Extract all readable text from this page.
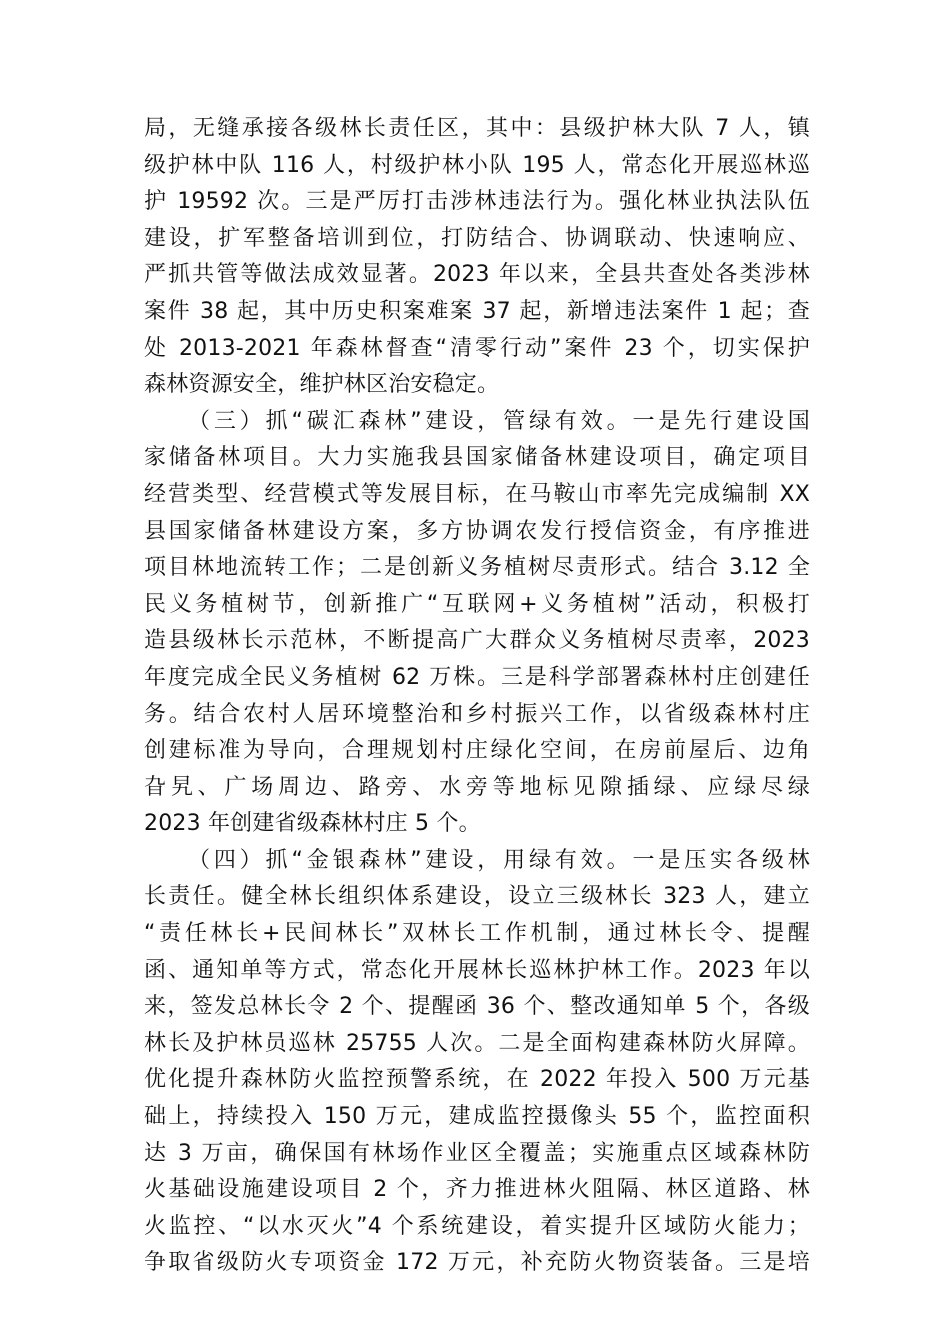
局，无缝承接各级林长责任区，其中：县级护林大队 7 人，镇
级护林中队 116 人，村级护林小队 195 人，常态化开展巡林巡
护 19592 次。三是严厉打击涉林违法行为。强化林业执法队伍
建设，扩军整备培训到位，打防结合、协调联动、快速响应、
严抓共管等做法成效显著。2023 年以来，全县共查处各类涉林
案件 38 起，其中历史积案难案 37 起，新增违法案件 1 起；查
处 2013-2021 年森林督查“清零行动”案件 23 个，切实保护
森林资源安全，维护林区治安稳定。
（三）抓“碳汇森林”建设，管绿有效。一是先行建设国
家储备林项目。大力实施我县国家储备林建设项目，确定项目
经营类型、经营模式等发展目标，在马鞍山市率先完成编制 XX
县国家储备林建设方案，多方协调农发行授信资金，有序推进
项目林地流转工作；二是创新义务植树尽责形式。结合 3.12 全
民义务植树节，创新推广“互联网+义务植树”活动，积极打
造县级林长示范林，不断提高广大群众义务植树尽责率，2023
年度完成全民义务植树 62 万株。三是科学部署森林村庄创建任
务。结合农村人居环境整治和乡村振兴工作，以省级森林村庄
创建标准为导向，合理规划村庄绿化空间，在房前屋后、边角
旮旯、广场周边、路旁、水旁等地标见隙插绿、应绿尽绿
2023 年创建省级森林村庄 5 个。
（四）抓“金银森林”建设，用绿有效。一是压实各级林
长责任。健全林长组织体系建设，设立三级林长 323 人，建立
“责任林长+民间林长”双林长工作机制，通过林长令、提醒
函、通知单等方式，常态化开展林长巡林护林工作。2023 年以
来，签发总林长令 2 个、提醒函 36 个、整改通知单 5 个，各级
林长及护林员巡林 25755 人次。二是全面构建森林防火屏障。
优化提升森林防火监控预警系统，在 2022 年投入 500 万元基
础上，持续投入 150 万元，建成监控摄像头 55 个，监控面积
达 3 万亩，确保国有林场作业区全覆盖；实施重点区域森林防
火基础设施建设项目 2 个，齐力推进林火阻隔、林区道路、林
火监控、“以水灭火”4 个系统建设，着实提升区域防火能力；
争取省级防火专项资金 172 万元，补充防火物资装备。三是培
